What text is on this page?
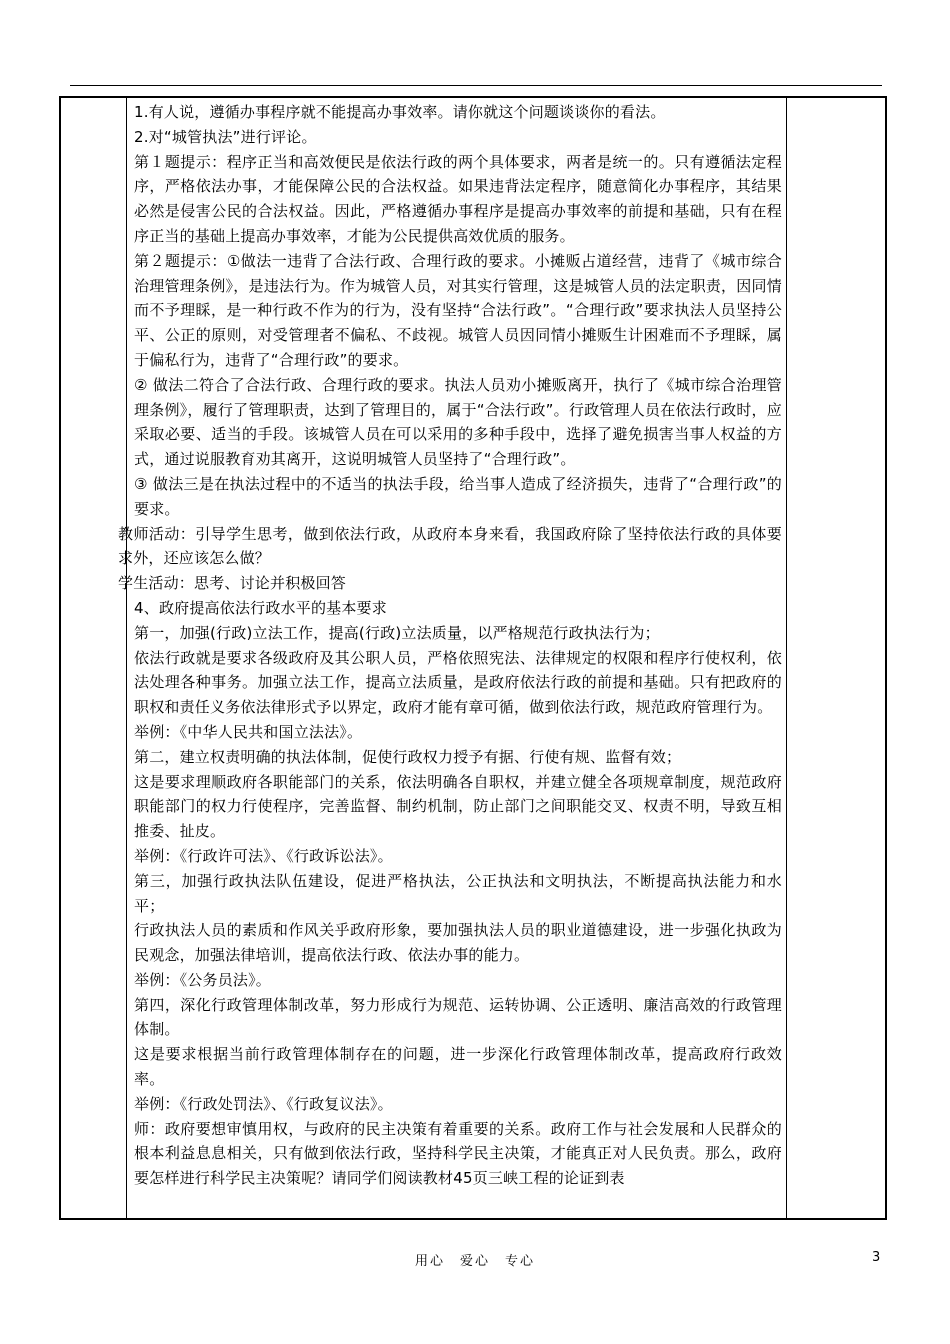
1.有人说，遵循办事程序就不能提高办事效率。请你就这个问题谈谈你的看法。

2.对“城管执法”进行评论。

第１题提示：程序正当和高效便民是依法行政的两个具体要求，两者是统一的。只有遵循法定程序，严格依法办事，才能保障公民的合法权益。如果违背法定程序，随意简化办事程序，其结果必然是侵害公民的合法权益。因此，严格遵循办事程序是提高办事效率的前提和基础，只有在程序正当的基础上提高办事效率，才能为公民提供高效优质的服务。

第２题提示：①做法一违背了合法行政、合理行政的要求。小摊贩占道经营，违背了《城市综合治理管理条例》，是违法行为。作为城管人员，对其实行管理，这是城管人员的法定职责，因同情而不予理睬，是一种行政不作为的行为，没有坚持“合法行政”。“合理行政”要求执法人员坚持公平、公正的原则，对受管理者不偏私、不歧视。城管人员因同情小摊贩生计困难而不予理睬，属于偏私行为，违背了“合理行政”的要求。

② 做法二符合了合法行政、合理行政的要求。执法人员劝小摊贩离开，执行了《城市综合治理管理条例》，履行了管理职责，达到了管理目的，属于“合法行政”。行政管理人员在依法行政时，应采取必要、适当的手段。该城管人员在可以采用的多种手段中，选择了避免损害当事人权益的方式，通过说服教育劝其离开，这说明城管人员坚持了“合理行政”。

③ 做法三是在执法过程中的不适当的执法手段，给当事人造成了经济损失，违背了“合理行政”的要求。

教师活动：引导学生思考，做到依法行政，从政府本身来看，我国政府除了坚持依法行政的具体要求外，还应该怎么做？

学生活动：思考、讨论并积极回答

4、政府提高依法行政水平的基本要求

第一，加强(行政)立法工作，提高(行政)立法质量，以严格规范行政执法行为；

依法行政就是要求各级政府及其公职人员，严格依照宪法、法律规定的权限和程序行使权利，依法处理各种事务。加强立法工作，提高立法质量，是政府依法行政的前提和基础。只有把政府的职权和责任义务依法律形式予以界定，政府才能有章可循，做到依法行政，规范政府管理行为。

举例：《中华人民共和国立法法》。

第二，建立权责明确的执法体制，促使行政权力授予有据、行使有规、监督有效；

这是要求理顺政府各职能部门的关系，依法明确各自职权，并建立健全各项规章制度，规范政府职能部门的权力行使程序，完善监督、制约机制，防止部门之间职能交叉、权责不明，导致互相推委、扯皮。

举例：《行政许可法》、《行政诉讼法》。

第三，加强行政执法队伍建设，促进严格执法，公正执法和文明执法，不断提高执法能力和水平；

行政执法人员的素质和作风关乎政府形象，要加强执法人员的职业道德建设，进一步强化执政为民观念，加强法律培训，提高依法行政、依法办事的能力。

举例：《公务员法》。

第四，深化行政管理体制改革，努力形成行为规范、运转协调、公正透明、廉洁高效的行政管理体制。

这是要求根据当前行政管理体制存在的问题，进一步深化行政管理体制改革，提高政府行政效率。

举例：《行政处罚法》、《行政复议法》。

师：政府要想审慎用权，与政府的民主决策有着重要的关系。政府工作与社会发展和人民群众的根本利益息息相关，只有做到依法行政，坚持科学民主决策，才能真正对人民负责。那么，政府要怎样进行科学民主决策呢？请同学们阅读教材45页三峡工程的论证到表

用心　爱心　专心	3
